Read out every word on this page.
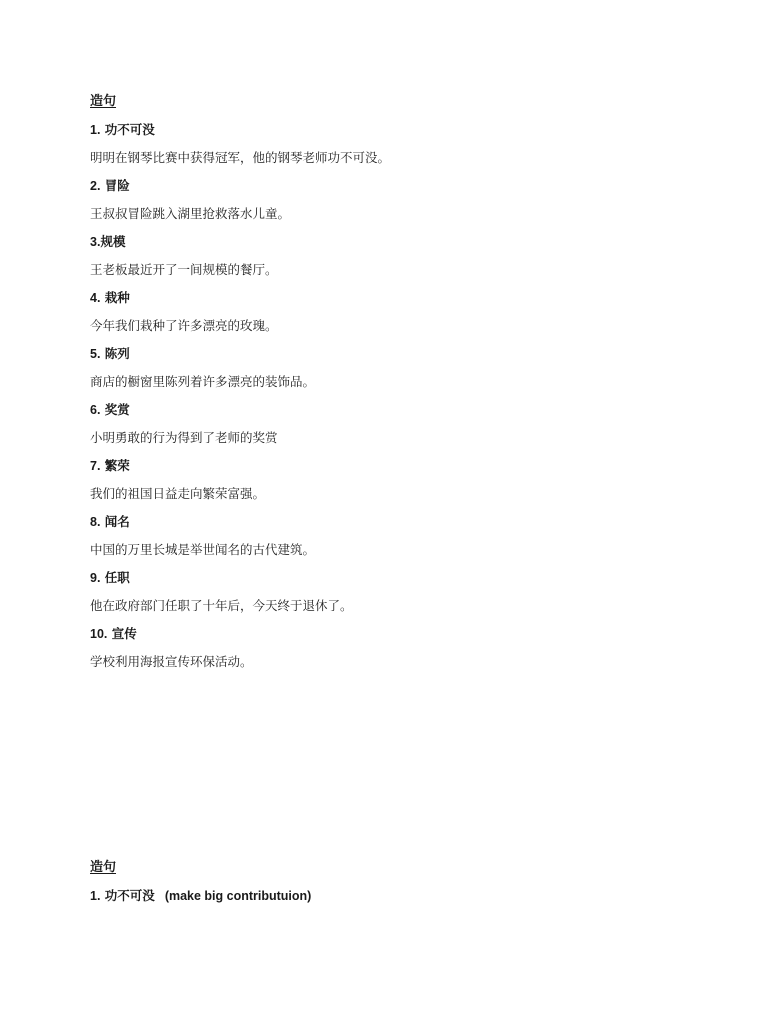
造句
1. 功不可没
明明在钢琴比赛中获得冠军，他的钢琴老师功不可没。
2. 冒险
王叔叔冒险跳入湖里抢救落水儿童。
3.规模
王老板最近开了一间规模的餐厅。
4. 栽种
今年我们栽种了许多漂亮的玫瑰。
5. 陈列
商店的橱窗里陈列着许多漂亮的装饰品。
6. 奖赏
小明勇敢的行为得到了老师的奖赏
7. 繁荣
我们的祖国日益走向繁荣富强。
8. 闻名
中国的万里长城是举世闻名的古代建筑。
9. 任职
他在政府部门任职了十年后，今天终于退休了。
10. 宣传
学校利用海报宣传环保活动。
造句
1. 功不可没 (make big contributuion)
